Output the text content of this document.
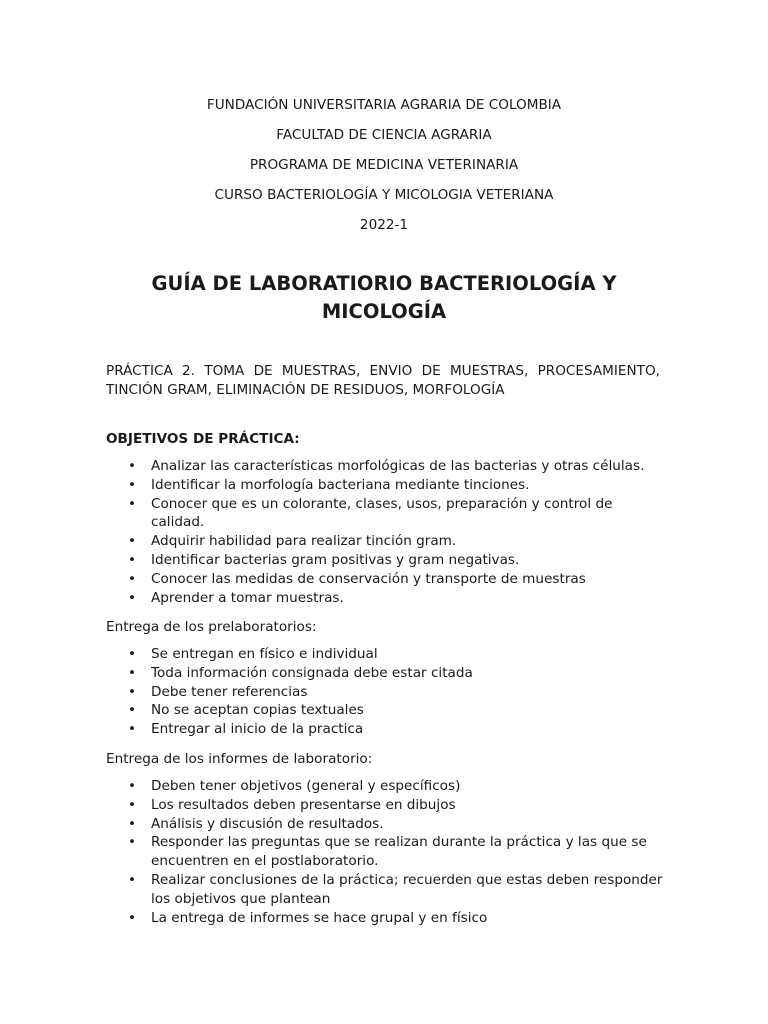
FUNDACIÓN UNIVERSITARIA AGRARIA DE COLOMBIA
FACULTAD DE CIENCIA AGRARIA
PROGRAMA DE MEDICINA VETERINARIA
CURSO BACTERIOLOGÍA Y MICOLOGIA VETERIANA
2022-1
GUÍA DE LABORATIORIO BACTERIOLOGÍA Y
MICOLOGÍA
PRÁCTICA 2. TOMA DE MUESTRAS, ENVIO DE MUESTRAS, PROCESAMIENTO, TINCIÓN GRAM, ELIMINACIÓN DE RESIDUOS, MORFOLOGÍA
OBJETIVOS DE PRÁCTICA:
• Analizar las características morfológicas de las bacterias y otras células.
• Identificar la morfología bacteriana mediante tinciones.
• Conocer que es un colorante, clases, usos, preparación y control de calidad.
• Adquirir habilidad para realizar tinción gram.
• Identificar bacterias gram positivas y gram negativas.
• Conocer las medidas de conservación y transporte de muestras
• Aprender a tomar muestras.
Entrega de los prelaboratorios:
• Se entregan en físico e individual
• Toda información consignada debe estar citada
• Debe tener referencias
• No se aceptan copias textuales
• Entregar al inicio de la practica
Entrega de los informes de laboratorio:
• Deben tener objetivos (general y específicos)
• Los resultados deben presentarse en dibujos
• Análisis y discusión de resultados.
• Responder las preguntas que se realizan durante la práctica y las que se encuentren en el postlaboratorio.
• Realizar conclusiones de la práctica; recuerden que estas deben responder los objetivos que plantean
• La entrega de informes se hace grupal y en físico
